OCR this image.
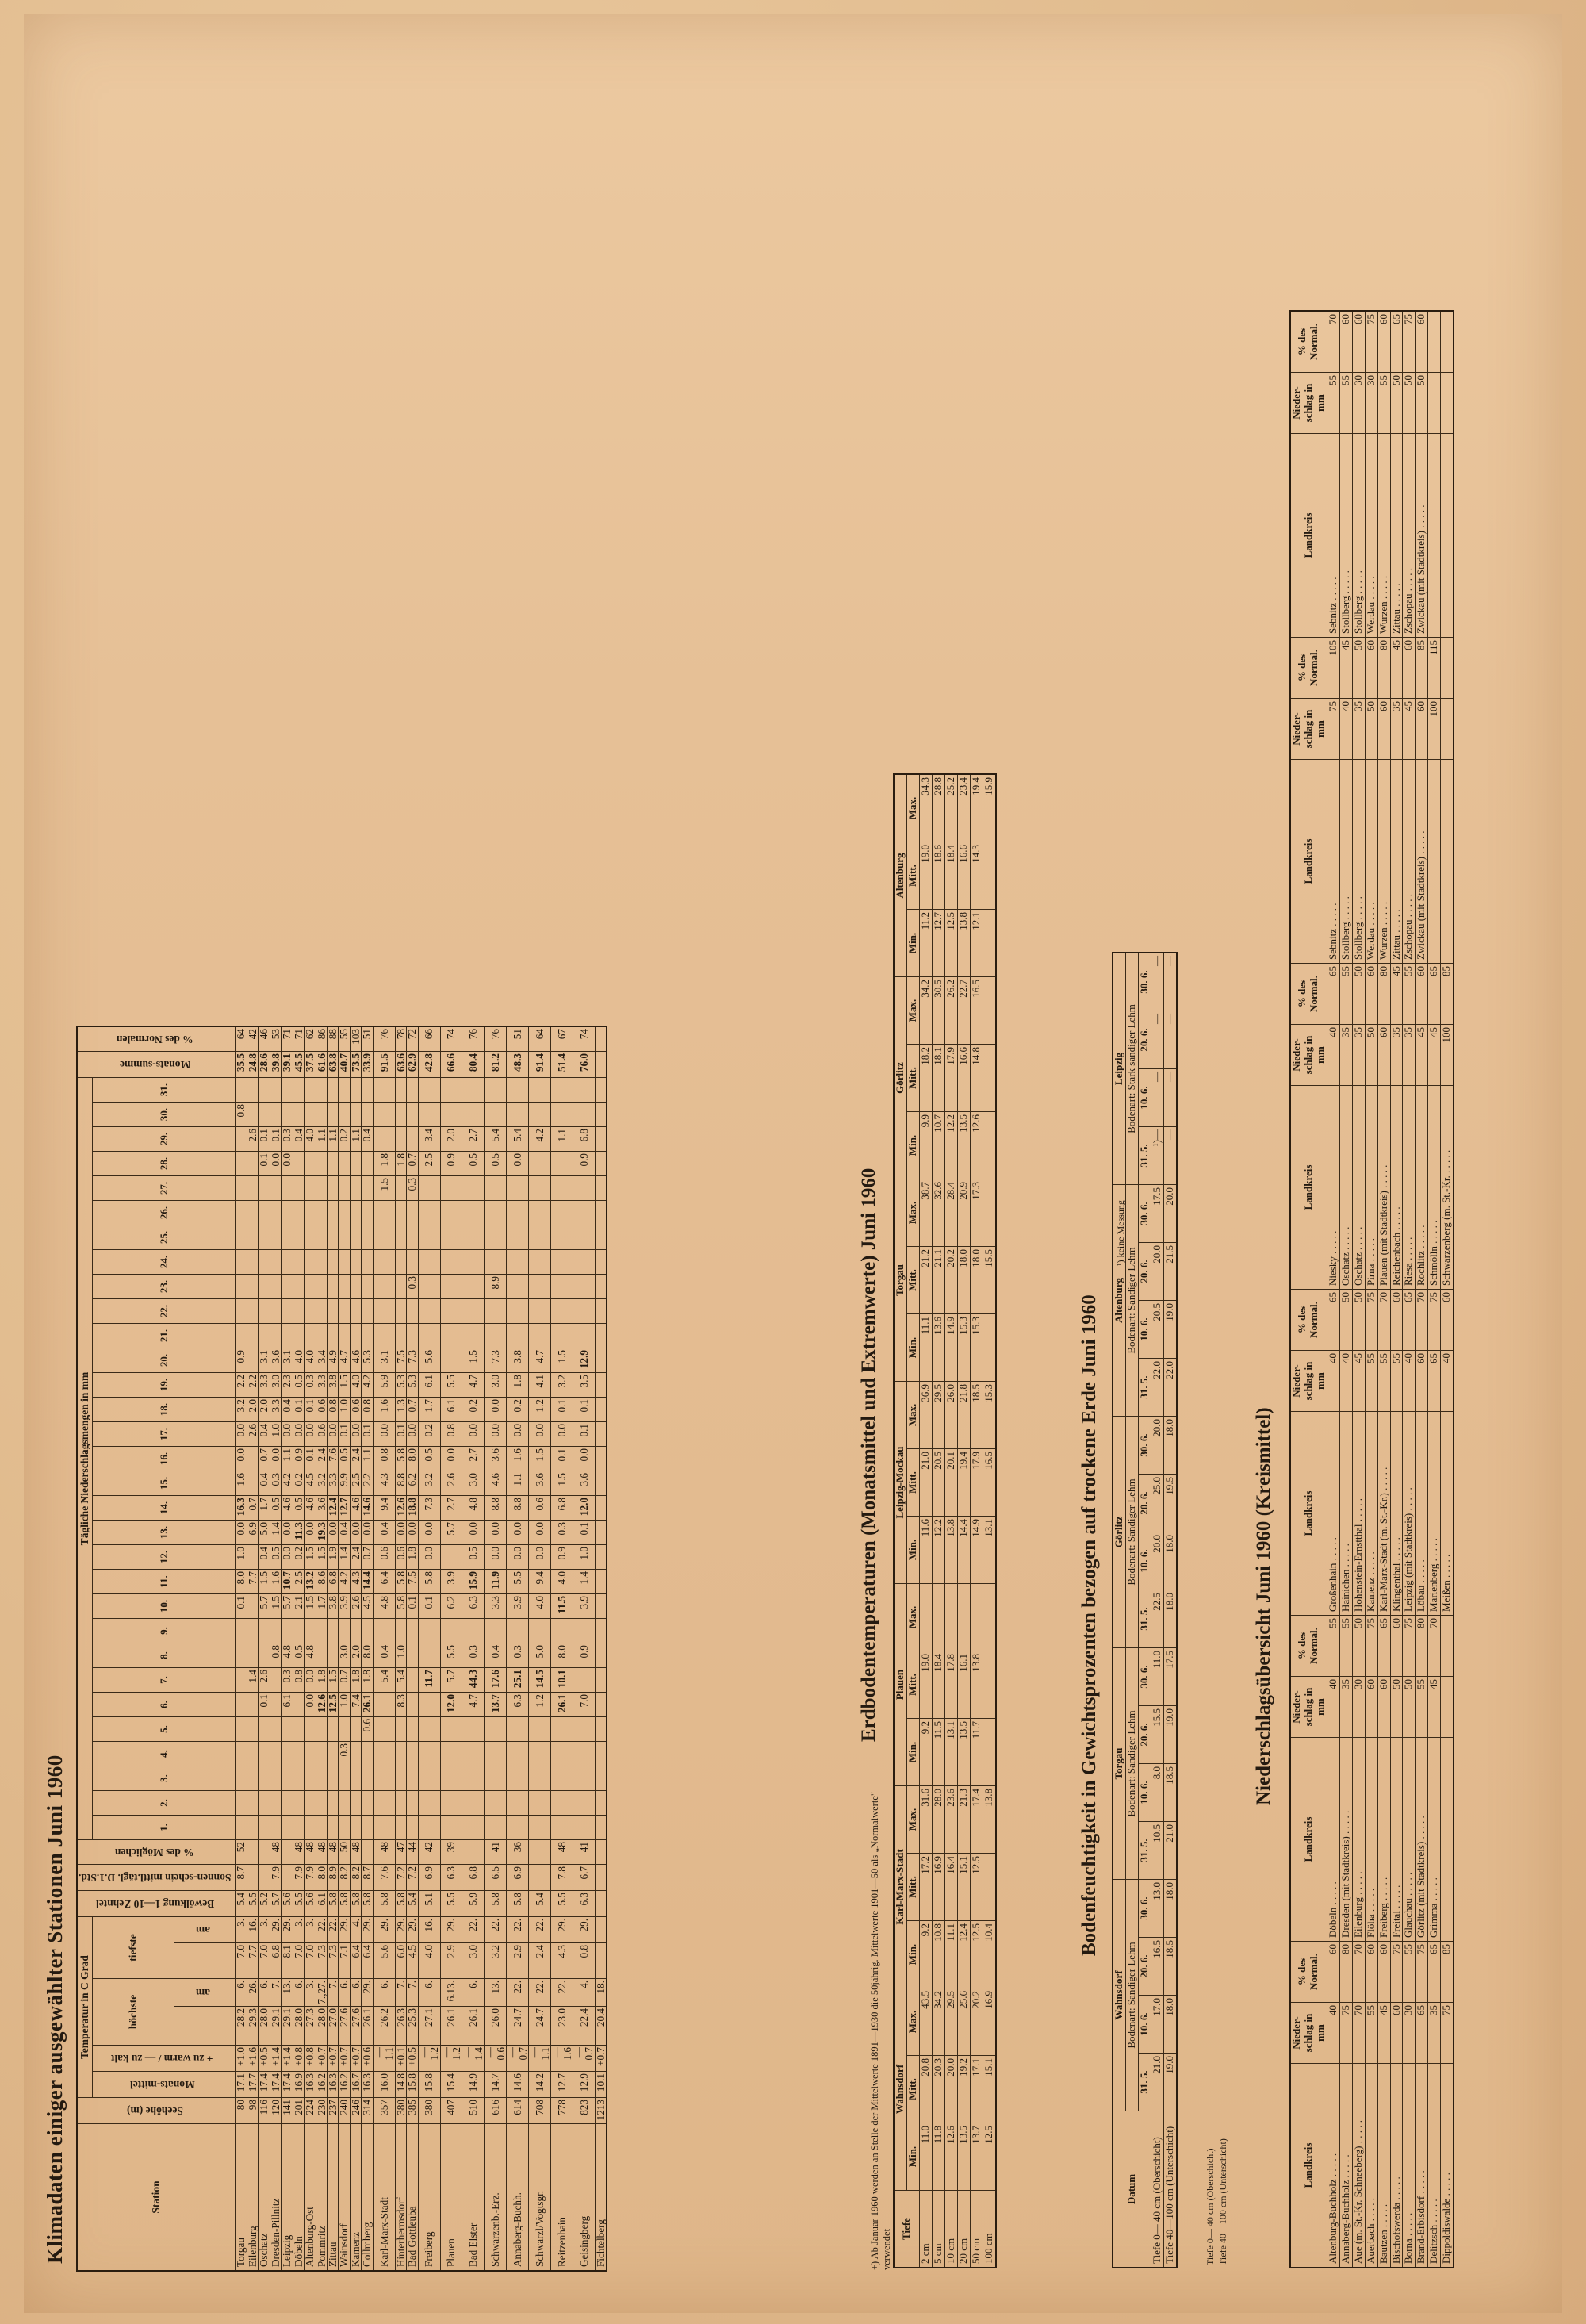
Klimadaten einiger ausgewählter Stationen Juni 1960	Station	Seehöhe (m)	Temperatur in C Grad						Bewölkung 1—10 Zehntel	Sonnen-schein mittl.tägl. D.1.Std.	% des Möglichen	Tägliche Niederschlagsmengen in mm																															Monats-summe	% des Normalen
		Monats-mittel	+ zu warm / — zu kalt	höchste		tiefste					1.	2.	3.	4.	5.	6.	7.	8.	9.	10.	11.	12.	13.	14.	15.	16.	17.	18.	19.	20.	21.	22.	23.	24.	25.	26.	27.	28.	29.	30.	31.		
					am		am																																				
Torgau	80	17.1	+1.0	28.2	6.	7.0	3.	5.4	8.7	52										0.1	8.0	1.0	0.0	16.3	1.6	0.0	0.0	3.2	2.2	0.9										0.8		35.5	64
Eilenburg	98	17.7	+1.6	29.3	26.	7.7	16.	5.5									1.4				7.7		6.9	0.7			2.6	2.0	2.2										2.6			24.8	42
Oschatz	116	17.4	+0.5	28.0	6.	7.0	3.	5.2								0.1	2.6			5.7	1.5	0.4	5.0	1.7	0.4	0.7	0.4	2.0	3.3	3.1								0.1	0.1			28.6	46
Dresden-Pillnitz	120	17.4	+1.4	29.1	7.	6.8	29.	5.7	7.9	48								0.8		1.5	1.6	0.5	1.4	0.5	0.3	0.0	1.0	3.3	3.0	3.6								0.0	0.1			39.8	53
Leipzig	141	17.4	+1.4	29.1	13.	8.1	29.	5.6								6.1	0.3	4.8		5.7	10.7	0.0	0.0	4.6	4.2	1.1	0.0	0.4	2.3	3.1								0.0	0.3			39.1	71
Döbeln	201	16.9	+0.8	28.0	6.	7.0	3.	5.5	7.9	48							0.8	0.5		2.1	2.5	0.2	11.3	0.5	0.2	0.9	0.0	0.1	0.5	4.0									0.4			45.5	71
Altenburg-Ost	224	16.3	+0.8	27.3	3.	7.0	3.	5.6	7.9	48						0.0	0.0	4.8		1.5	13.2	1.5	0.0	4.6	4.5	0.1	0.0	0.1	0.3	4.0									4.0			37.5	62
Pommritz	230	16.2	+0.7	28.0	7.,27.	7.3	22.	6.1	8.0	48						12.6	1.8			1.7	8.6	1.5	19.3	3.6	3.2	2.4	0.6	0.6	3.3	3.4									1.1			61.6	86
Zittau	237	16.3	+0.7	27.0	7.	7.3	22.	5.8	8.9	48						12.5	1.5			3.8	6.8	1.9	0.0	12.4	3.3	7.6	0.0	0.8	3.8	4.9									1.1			63.8	88
Wainsdorf	240	16.2	+0.7	27.6	6.	7.1	29.	5.8	8.2	50				0.3		1.0	0.7	3.0		3.9	4.2	1.4	0.4	12.7	9.9	0.5	0.1	1.0	1.5	4.7									0.2			40.7	55
Kamenz	246	16.7	+0.7	27.6	6.	6.4	4.	5.8	8.2	48						7.4	1.8	2.0		2.6	4.3	2.4	0.0	4.6	2.5	2.4	0.0	0.6	4.0	4.6									1.1			73.5	103
Collmberg	314	16.3	+0.6	26.1	29.	6.4	29.	5.8	8.7						0.6	26.1	1.8	8.0		4.5	14.4	0.7	0.0	14.6	2.2	1.1	0.1	0.8	4.2	5.3									0.4			33.9	51
Karl-Marx-Stadt	357	16.0	—1.1	26.2	6.	5.6	29.	5.8	7.6	48							5.4	0.4		4.8	6.4	0.6	0.4	9.4	4.3	0.8	0.0	1.6	5.9	3.1							1.5	1.8				91.5	76
Hinterhermsdorf	380	14.8	+0.1	26.3	7.	6.0	29.	5.8	7.2	47						8.3	5.4	1.0		5.8	5.8	0.6	0.0	12.6	8.8	5.8	0.1	1.3	5.3	7.5								1.8				63.6	78
Bad Gottleuba	385	15.8	+0.5	25.3	7.	4.5	29.	5.4	7.2	44										0.1	7.5	1.8	0.0	18.8	6.2	8.0	0.0	0.7	5.3	7.3			0.3				0.3	0.7				62.9	72
Freiberg	380	15.8	—1.2	27.1	6.	4.0	16.	5.1	6.9	42							11.7			0.1	5.8	0.0	0.0	7.3	3.2	0.5	0.2	1.7	6.1	5.6								2.5	3.4			42.8	66
Plauen	407	15.4	—1.2	26.1	6.13.	2.9	29.	5.5	6.3	39						12.0	5.7	5.5		6.2	3.9		5.7	2.7	2.6	0.0	0.8	6.1	5.5									0.9	2.0			66.6	74
Bad Elster	510	14.9	—1.4	26.1	6.	3.0	22.	5.9	6.8							4.7	44.3	0.3		6.3	15.9	0.5	0.0	4.8	3.0	2.7	0.0	0.2	4.7	1.5								0.5	2.7			80.4	76
Schwarzenb.-Erz.	616	14.7	—0.6	26.0	13.	3.2	22.	5.8	6.5	41						13.7	17.6	0.4		3.3	11.9	0.0	0.0	8.8	4.6	3.6	0.0	0.0	3.0	7.3			8.9					0.5	5.4			81.2	76
Annaberg-Buchh.	614	14.6	—0.7	24.7	22.	2.9	22.	5.8	6.9	36						6.3	25.1	0.3		3.9	5.5	0.0	0.0	8.8	1.1	1.6	0.0	0.2	1.8	3.8								0.0	5.4			48.3	51
Schwarzl/Vogtsgr.	708	14.2	—1.1	24.7	22.	2.4	22.	5.4								1.2	14.5	5.0		4.0	9.4	0.0	0.0	0.6	3.6	1.5	0.0	1.2	4.1	4.7									4.2			91.4	64
Reitzenhain	778	12.7	—1.6	23.0	22.	4.3	29.	5.5	7.8	48						26.1	10.1	8.0		11.5	4.0	0.9	0.3	6.8	1.5	0.1	0.0	0.1	3.2	1.5									1.1			51.4	67
Geisingberg	823	12.9	—0.7	22.4	4.	0.8	29.	6.3	6.7	41						7.0		0.9		3.9	1.4	1.0	0.1	12.0	3.6	0.0	0.1	0.1	3.5	12.9								0.9	6.8			76.0	74
Fichtelberg	1213	10.1	+0.7	20.4	18.																																							+) Ab Januar 1960 werden an Stelle der Mittelwerte 1891—1930 die 50jährig. Mittelwerte 1901—50 als „Normalwerte" verwendet
Erdbodentemperaturen (Monatsmittel und Extremwerte) Juni 1960
Tiefe	Wahnsdorf			Karl-Marx-Stadt			Plauen			Leipzig-Mockau			Torgau			Görlitz			Altenburg		
	Min.	Mitt.	Max.	Min.	Mitt.	Max.	Min.	Mitt.	Max.	Min.	Mitt.	Max.	Min.	Mitt.	Max.	Min.	Mitt.	Max.	Min.	Mitt.	Max.
2 cm	11.0	20.8	43.5	9.2	17.2	31.6	9.2	19.0		11.6	21.0	36.9	11.1	21.2	38.7	9.9	18.2	34.2	11.2	19.0	34.3
5 cm	11.8	20.3	34.2	10.8	16.9	28.0	11.5	18.4		12.2	20.5	29.5	13.6	21.1	32.6	10.7	18.1	30.5	12.7	18.6	28.8
10 cm	12.6	20.0	29.5	11.1	16.4	23.6	13.1	17.8		13.8	20.1	26.0	14.9	20.2	28.4	12.2	17.9	26.2	12.5	18.4	25.2
20 cm	13.5	19.2	25.6	12.4	15.1	21.3	13.5	16.1		14.4	19.4	21.8	15.3	18.0	20.9	13.5	16.6	22.7	13.8	16.6	23.4
50 cm	13.7	17.1	20.2	12.5	12.5	17.4	11.7	13.8		14.9	17.9	18.5	15.3	18.0	17.3	12.6	14.8	16.5	12.1	14.3	19.4
100 cm	12.5	15.1	16.9	10.4		13.8				13.1	16.5	15.3		15.5							15.9
Bodenfeuchtigkeit in Gewichtsprozenten bezogen auf trockene Erde Juni 1960
Datum	Wahnsdorf				Torgau				Görlitz				Altenburg				Leipzig			
	Bodenart: Sandiger Lehm				Bodenart: Sandiger Lehm				Bodenart: Sandiger Lehm				Bodenart: Sandiger Lehm				Bodenart: Stark sandiger Lehm			
	31. 5.	10. 6.	20. 6.	30. 6.	31. 5.	10. 6.	20. 6.	30. 6.	31. 5.	10. 6.	20. 6.	30. 6.	31. 5.	10. 6.	20. 6.	30. 6.	31. 5.	10. 6.	20. 6.	30. 6.
Tiefe 0— 40 cm (Oberschicht)	21.0	17.0	16.5	13.0	10.5	8.0	15.5	11.0	22.5	20.0	25.0	20.0	22.0	20.5	20.0	17.5	¹)—	—	—	—
Tiefe 40—100 cm (Unterschicht)	19.0	18.0	18.5	18.0	21.0	18.5	19.0	17.5	18.0	18.0	19.5	18.0	22.0	19.0	21.5	20.0	—	—	—	—
¹) keine Messung
Tiefe 0— 40 cm (Oberschicht) Tiefe 40—100 cm (Unterschicht)
Niederschlagsübersicht Juni 1960 (Kreismittel)
Landkreis	Nieder-
schlag in mm	% des
Normal.	Landkreis	Nieder-
schlag in mm	% des
Normal.	Landkreis	Nieder-
schlag in mm	% des
Normal.	Landkreis	Nieder-
schlag in mm	% des
Normal.	Landkreis	Nieder-
schlag in mm	% des
Normal.	Landkreis	Nieder-
schlag in mm	% des
Normal.
Altenburg-Buchholz . . . . .	40	60	Döbeln . . . . .	40	55	Großenhain . . . . .	40	65	Niesky . . . . .	40	65	Sebnitz . . . . .	75	105	Sebnitz . . . . .	55	70
Annaberg-Buchholz . . . . .	75	80	Dresden (mit Stadtkreis) . . . . .	35	55	Hainichen . . . . .	40	50	Oschatz . . . . .	35	55	Stollberg . . . . .	40	45	Stollberg . . . . .	55	60
Aue (m. St.-Kr. Schneeberg) . . . . .	70	70	Eilenburg . . . . .	30	50	Hohenstein-Ernstthal . . . . .	45	50	Oschatz . . . . .	35	50	Stollberg . . . . .	35	50	Stollberg . . . . .	30	60
Auerbach . . . . .	55	60	Flöha . . . . .	60	75	Kamenz . . . . .	55	75	Pirna . . . . .	50	60	Werdau . . . . .	50	60	Werdau . . . . .	30	75
Bautzen . . . . .	45	60	Freiberg . . . . .	60	65	Karl-Marx-Stadt (m. St.-Kr.) . . . . .	55	70	Plauen (mit Stadtkreis) . . . . .	60	80	Wurzen . . . . .	60	80	Wurzen . . . . .	55	60
Bischofswerda . . . . .	60	75	Freital . . . . .	50	60	Klingenthal . . . . .	55	60	Reichenbach . . . . .	35	45	Zittau . . . . .	35	45	Zittau . . . . .	50	65
Borna . . . . .	30	55	Glauchau . . . . .	50	75	Leipzig (mit Stadtkreis) . . . . .	40	65	Riesa . . . . .	35	55	Zschopau . . . . .	45	60	Zschopau . . . . .	50	75
Brand-Erbisdorf . . . . .	65	75	Görlitz (mit Stadtkreis) . . . . .	55	80	Löbau . . . . .	60	70	Rochlitz . . . . .	45	60	Zwickau (mit Stadtkreis) . . . . .	60	85	Zwickau (mit Stadtkreis) . . . . .	50	60
Delitzsch . . . . .	35	65	Grimma . . . . .	45	70	Marienberg . . . . .	65	75	Schmölln . . . . .	45	65		100	115			
Dippoldiswalde . . . . .	75	85				Meißen . . . . .	40	60	Schwarzenberg (m. St.-Kr. . . . . .	100	85						
